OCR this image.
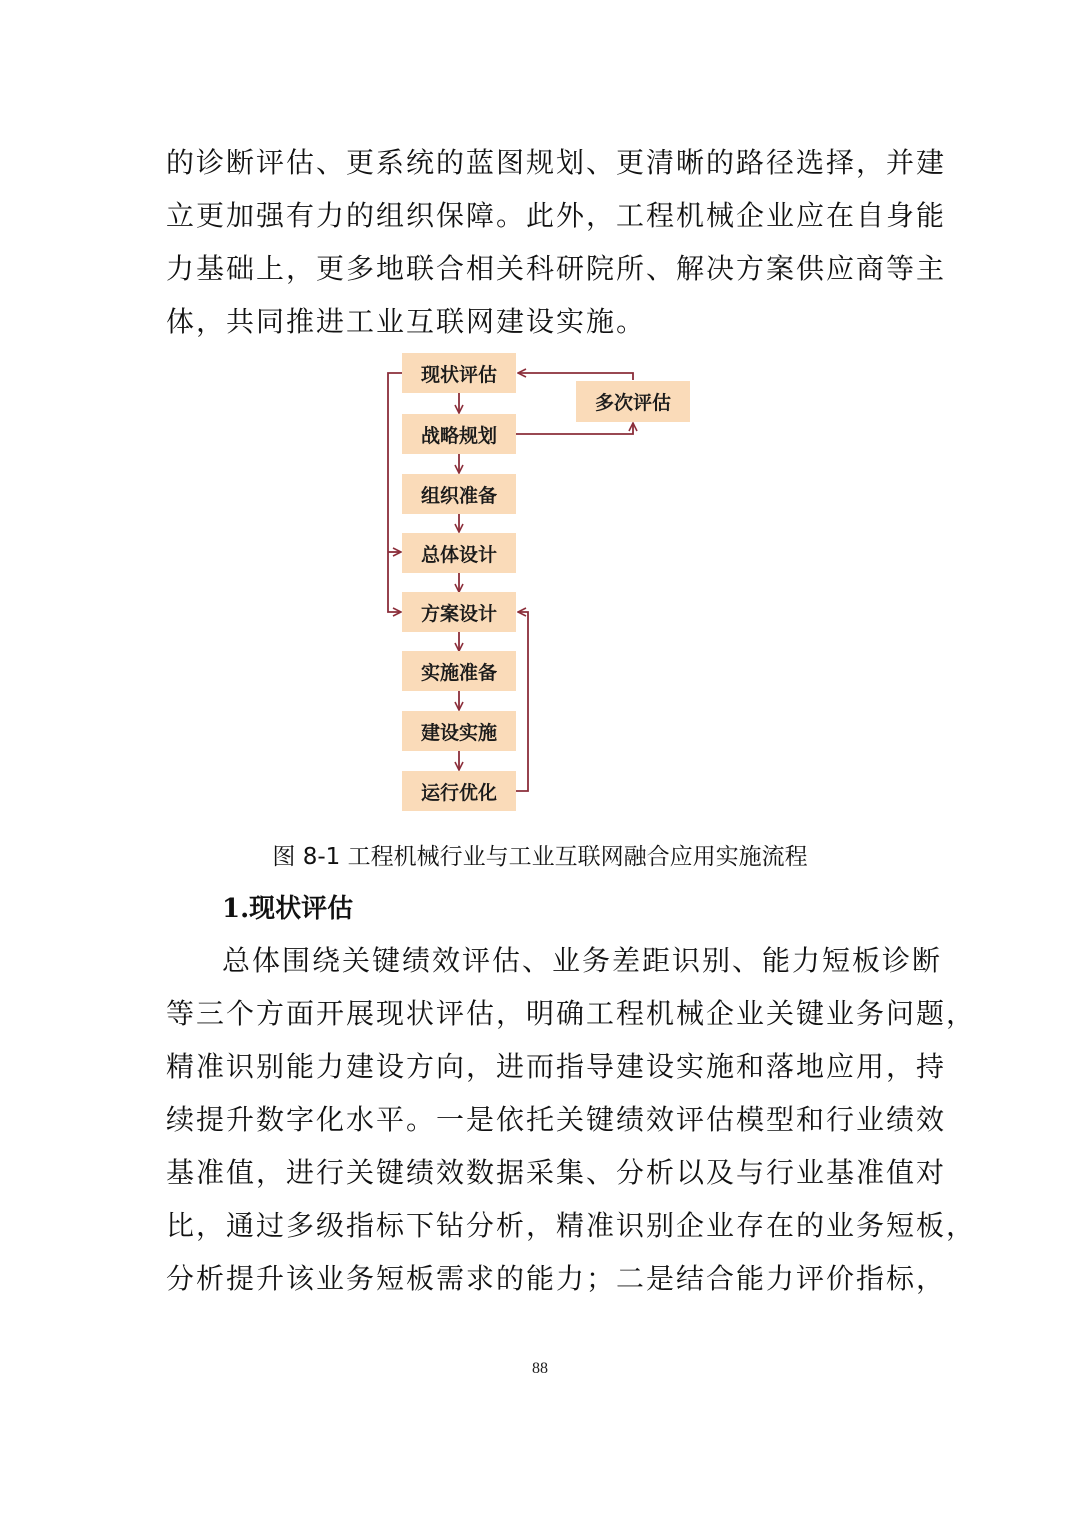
的诊断评估、更系统的蓝图规划、更清晰的路径选择，并建
立更加强有力的组织保障。此外，工程机械企业应在自身能
力基础上，更多地联合相关科研院所、解决方案供应商等主
体，共同推进工业互联网建设实施。
现状评估
战略规划
组织准备
总体设计
方案设计
实施准备
建设实施
运行优化
多次评估

图 8-1 工程机械行业与工业互联网融合应用实施流程

1.现状评估
总体围绕关键绩效评估、业务差距识别、能力短板诊断
等三个方面开展现状评估，明确工程机械企业关键业务问题，
精准识别能力建设方向，进而指导建设实施和落地应用，持
续提升数字化水平。一是依托关键绩效评估模型和行业绩效
基准值，进行关键绩效数据采集、分析以及与行业基准值对
比，通过多级指标下钻分析，精准识别企业存在的业务短板，
分析提升该业务短板需求的能力；二是结合能力评价指标，
88
